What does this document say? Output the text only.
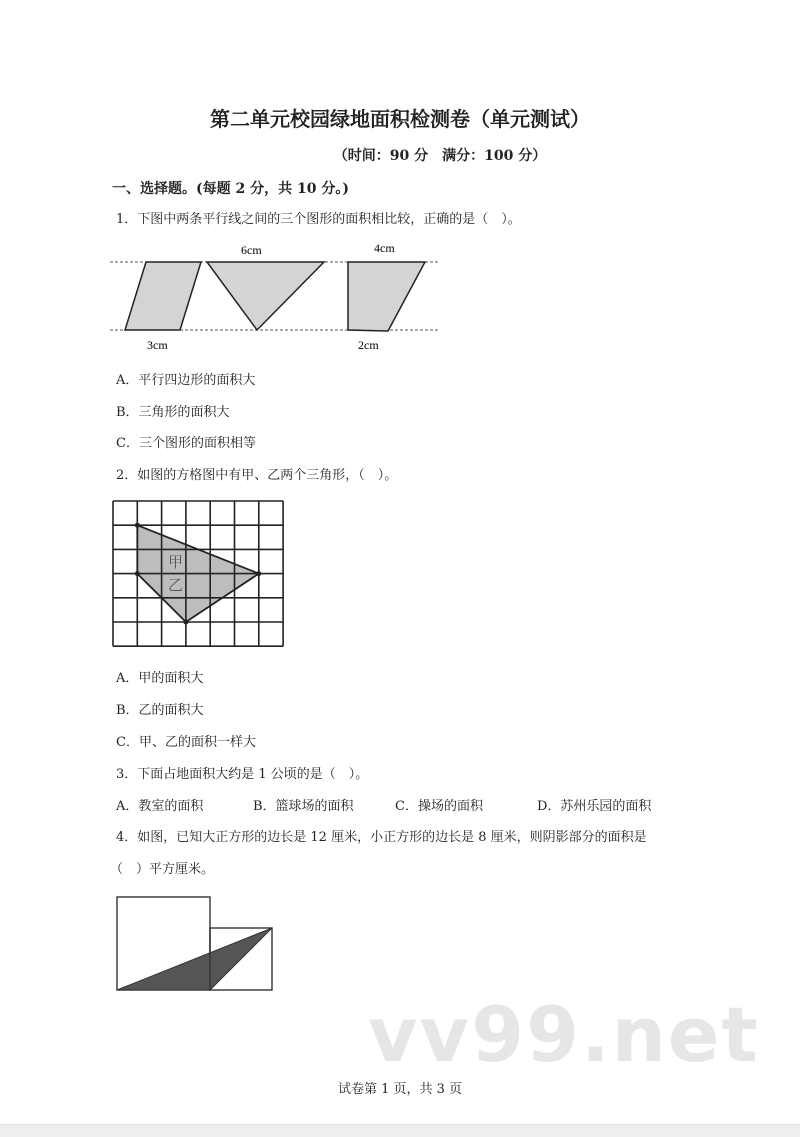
第二单元校园绿地面积检测卷（单元测试）
（时间：90 分　满分：100 分）
一、选择题。(每题 2 分，共 10 分。)
1．下图中两条平行线之间的三个图形的面积相比较，正确的是（　）。
6cm	4cm
3cm	2cm
A．平行四边形的面积大
B．三角形的面积大
C．三个图形的面积相等
2．如图的方格图中有甲、乙两个三角形，（　）。
甲
乙
A．甲的面积大
B．乙的面积大
C．甲、乙的面积一样大
3．下面占地面积大约是 1 公顷的是（　）。
A．教室的面积	B．篮球场的面积	C．操场的面积	D．苏州乐园的面积
4．如图，已知大正方形的边长是 12 厘米，小正方形的边长是 8 厘米，则阴影部分的面积是
（　）平方厘米。
vv99.net
试卷第 1 页，共 3 页
